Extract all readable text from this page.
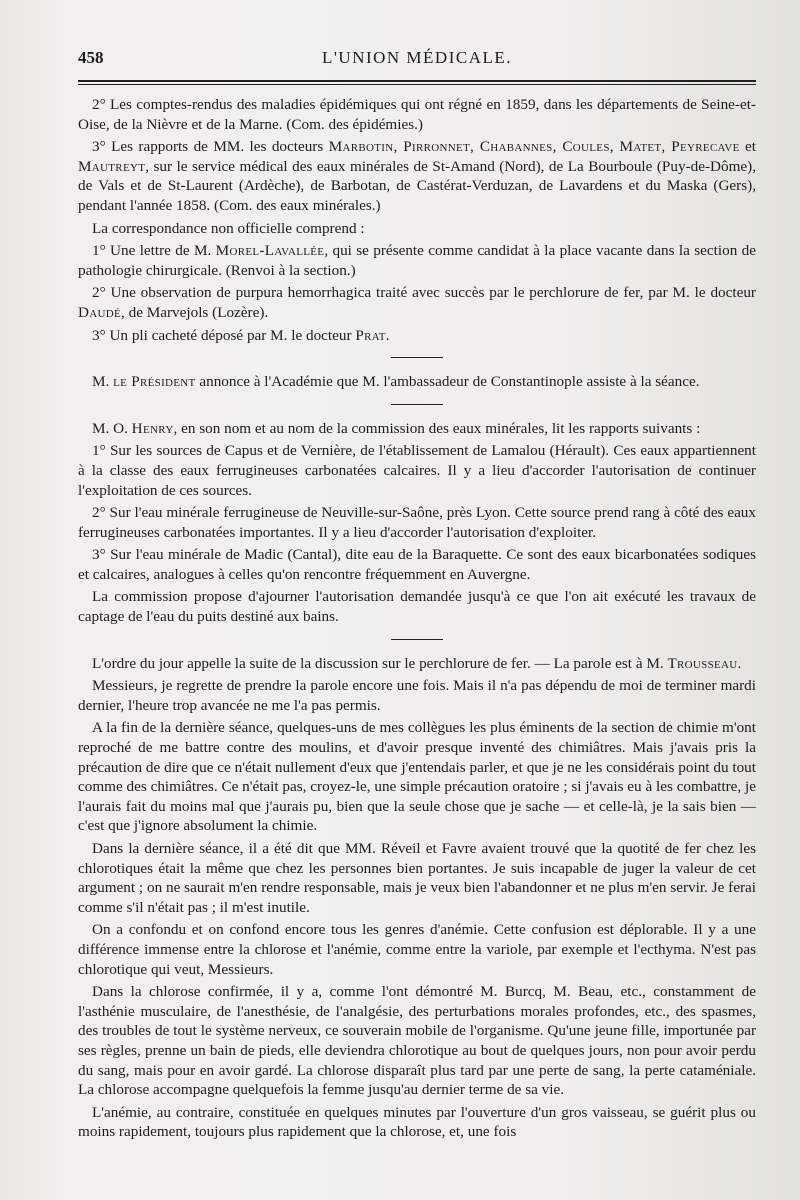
458	L'UNION MÉDICALE.

2° Les comptes-rendus des maladies épidémiques qui ont régné en 1859, dans les départements de Seine-et-Oise, de la Nièvre et de la Marne. (Com. des épidémies.)

3° Les rapports de MM. les docteurs Marbotin, Pirronnet, Chabannes, Coules, Matet, Peyrecave et Mautreyt, sur le service médical des eaux minérales de St-Amand (Nord), de La Bourboule (Puy-de-Dôme), de Vals et de St-Laurent (Ardèche), de Barbotan, de Castérat-Verduzan, de Lavardens et du Maska (Gers), pendant l'année 1858. (Com. des eaux minérales.)

La correspondance non officielle comprend :

1° Une lettre de M. Morel-Lavallée, qui se présente comme candidat à la place vacante dans la section de pathologie chirurgicale. (Renvoi à la section.)

2° Une observation de purpura hemorrhagica traité avec succès par le perchlorure de fer, par M. le docteur Daudé, de Marvejols (Lozère).

3° Un pli cacheté déposé par M. le docteur Prat.

M. le Président annonce à l'Académie que M. l'ambassadeur de Constantinople assiste à la séance.

M. O. Henry, en son nom et au nom de la commission des eaux minérales, lit les rapports suivants :

1° Sur les sources de Capus et de Vernière, de l'établissement de Lamalou (Hérault). Ces eaux appartiennent à la classe des eaux ferrugineuses carbonatées calcaires. Il y a lieu d'accorder l'autorisation de continuer l'exploitation de ces sources.

2° Sur l'eau minérale ferrugineuse de Neuville-sur-Saône, près Lyon. Cette source prend rang à côté des eaux ferrugineuses carbonatées importantes. Il y a lieu d'accorder l'autorisation d'exploiter.

3° Sur l'eau minérale de Madic (Cantal), dite eau de la Baraquette. Ce sont des eaux bicarbonatées sodiques et calcaires, analogues à celles qu'on rencontre fréquemment en Auvergne.

La commission propose d'ajourner l'autorisation demandée jusqu'à ce que l'on ait exécuté les travaux de captage de l'eau du puits destiné aux bains.

L'ordre du jour appelle la suite de la discussion sur le perchlorure de fer. — La parole est à M. Trousseau.

Messieurs, je regrette de prendre la parole encore une fois. Mais il n'a pas dépendu de moi de terminer mardi dernier, l'heure trop avancée ne me l'a pas permis.

A la fin de la dernière séance, quelques-uns de mes collègues les plus éminents de la section de chimie m'ont reproché de me battre contre des moulins, et d'avoir presque inventé des chimiâtres. Mais j'avais pris la précaution de dire que ce n'était nullement d'eux que j'entendais parler, et que je ne les considérais point du tout comme des chimiâtres. Ce n'était pas, croyez-le, une simple précaution oratoire ; si j'avais eu à les combattre, je l'aurais fait du moins mal que j'aurais pu, bien que la seule chose que je sache — et celle-là, je la sais bien — c'est que j'ignore absolument la chimie.

Dans la dernière séance, il a été dit que MM. Réveil et Favre avaient trouvé que la quotité de fer chez les chlorotiques était la même que chez les personnes bien portantes. Je suis incapable de juger la valeur de cet argument ; on ne saurait m'en rendre responsable, mais je veux bien l'abandonner et ne plus m'en servir. Je ferai comme s'il n'était pas ; il m'est inutile.

On a confondu et on confond encore tous les genres d'anémie. Cette confusion est déplorable. Il y a une différence immense entre la chlorose et l'anémie, comme entre la variole, par exemple et l'ecthyma. N'est pas chlorotique qui veut, Messieurs.

Dans la chlorose confirmée, il y a, comme l'ont démontré M. Burcq, M. Beau, etc., constamment de l'asthénie musculaire, de l'anesthésie, de l'analgésie, des perturbations morales profondes, etc., des spasmes, des troubles de tout le système nerveux, ce souverain mobile de l'organisme. Qu'une jeune fille, importunée par ses règles, prenne un bain de pieds, elle deviendra chlorotique au bout de quelques jours, non pour avoir perdu du sang, mais pour en avoir gardé. La chlorose disparaît plus tard par une perte de sang, la perte cataméniale. La chlorose accompagne quelquefois la femme jusqu'au dernier terme de sa vie.

L'anémie, au contraire, constituée en quelques minutes par l'ouverture d'un gros vaisseau, se guérit plus ou moins rapidement, toujours plus rapidement que la chlorose, et, une fois
